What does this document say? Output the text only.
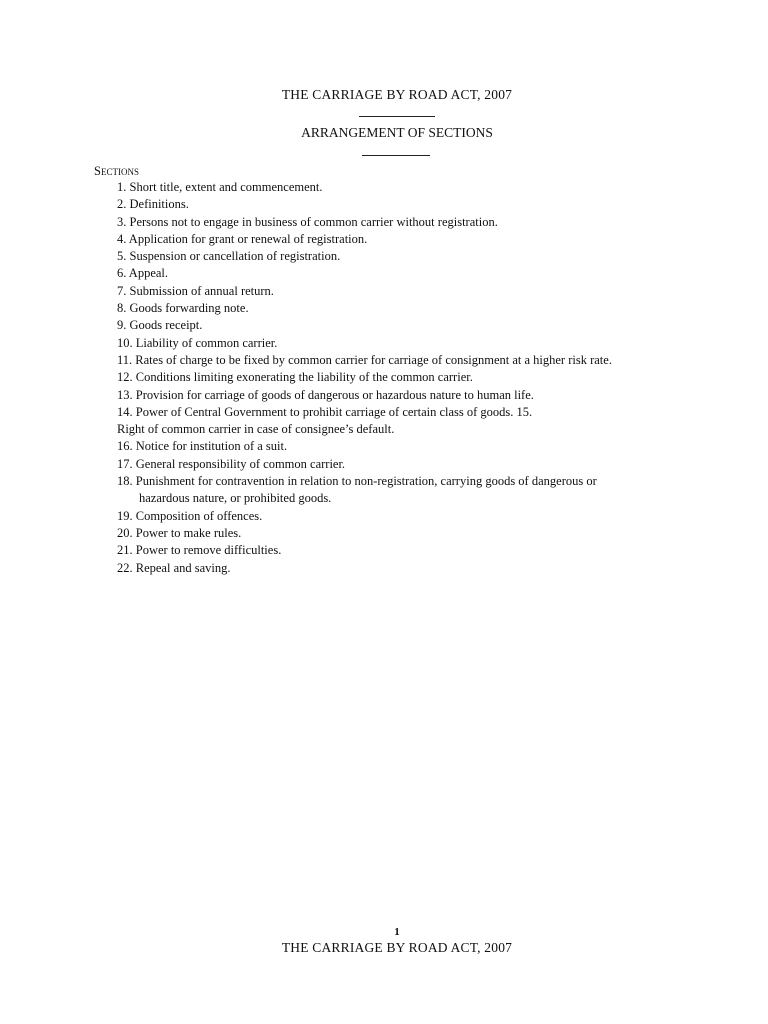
THE CARRIAGE BY ROAD ACT, 2007
ARRANGEMENT OF SECTIONS
Sections
1. Short title, extent and commencement.
2. Definitions.
3. Persons not to engage in business of common carrier without registration.
4. Application for grant or renewal of registration.
5. Suspension or cancellation of registration.
6. Appeal.
7. Submission of annual return.
8. Goods forwarding note.
9. Goods receipt.
10. Liability of common carrier.
11. Rates of charge to be fixed by common carrier for carriage of consignment at a higher risk rate.
12. Conditions limiting exonerating the liability of the common carrier.
13. Provision for carriage of goods of dangerous or hazardous nature to human life.
14. Power of Central Government to prohibit carriage of certain class of goods. 15.
Right of common carrier in case of consignee’s default.
16. Notice for institution of a suit.
17. General responsibility of common carrier.
18. Punishment for contravention in relation to non-registration, carrying goods of dangerous or
hazardous nature, or prohibited goods.
19. Composition of offences.
20. Power to make rules.
21. Power to remove difficulties.
22. Repeal and saving.
1
THE CARRIAGE BY ROAD ACT, 2007
